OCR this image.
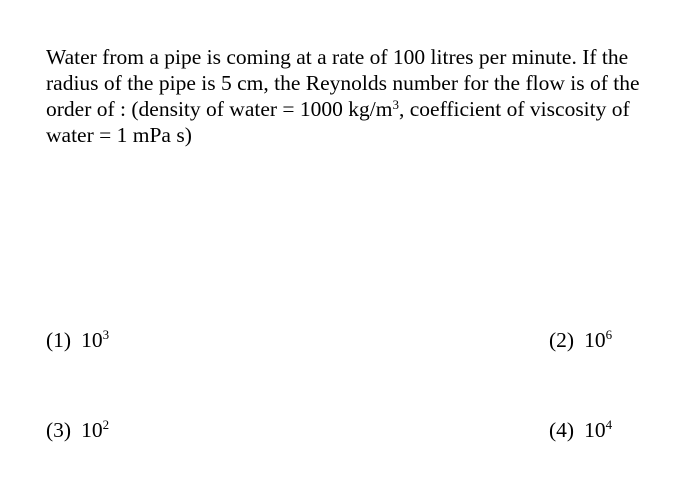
Water from a pipe is coming at a rate of 100 litres per minute. If the radius of the pipe is 5 cm, the Reynolds number for the flow is of the order of : (density of water = 1000 $kg/m^3$, coefficient of viscosity of water = 1 mPa s)

(1) $10^3$	(2) $10^6$
(3) $10^2$	(4) $10^4$
